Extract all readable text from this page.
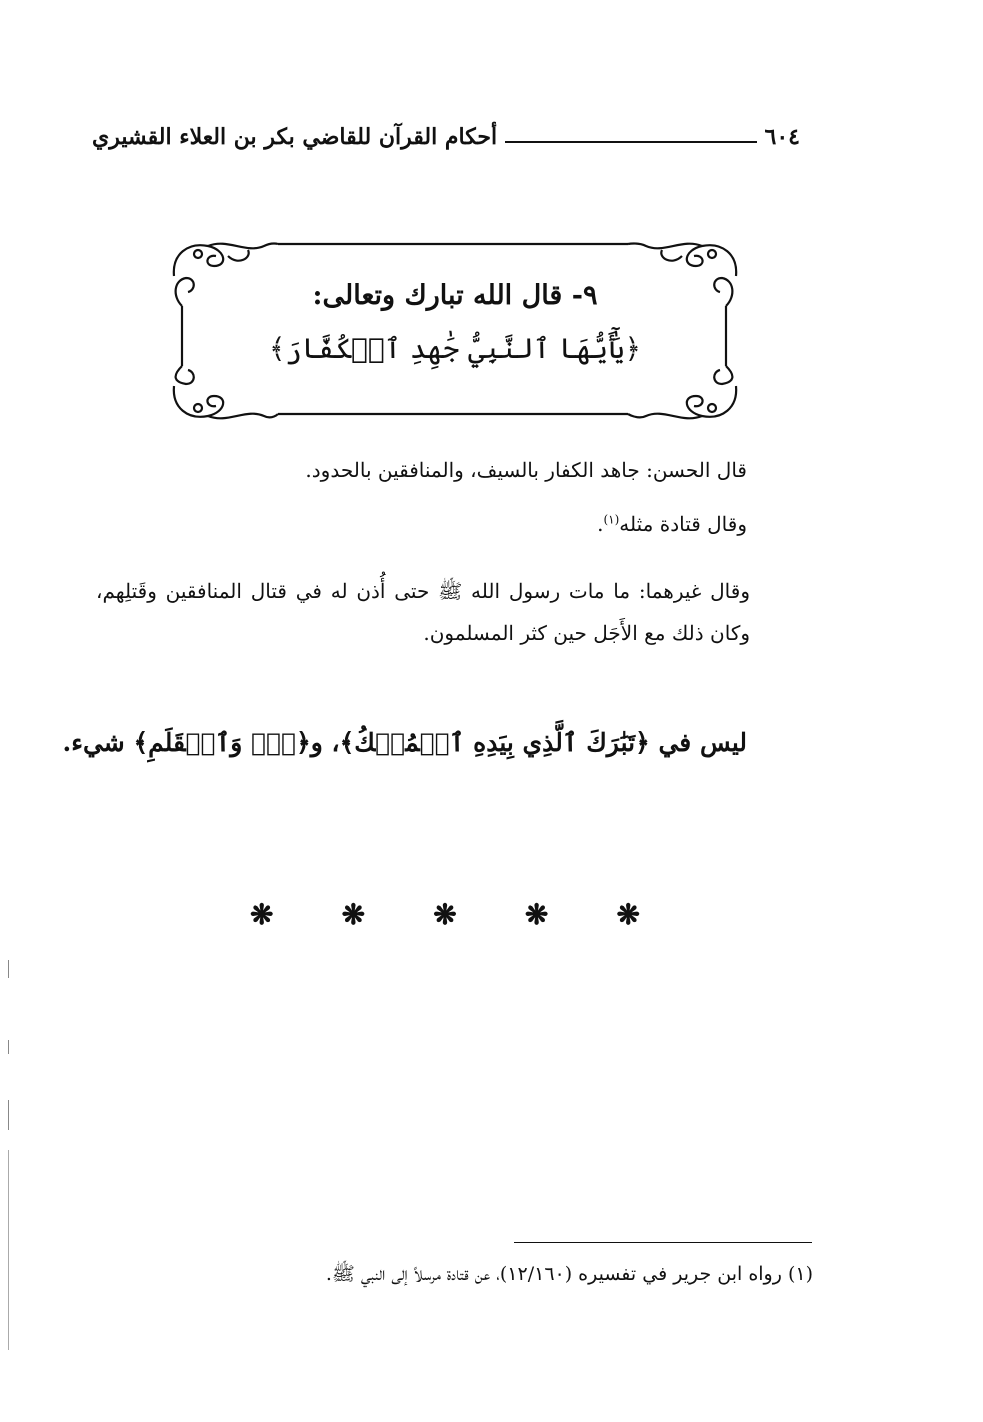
أحكام القرآن للقاضي بكر بن العلاء القشيري	٦٠٤
٩- قال الله تبارك وتعالى:
﴿يَٰٓأَيُّهَا ٱلنَّبِيُّ جَٰهِدِ ٱلۡكُفَّارَ﴾
قال الحسن: جاهد الكفار بالسيف، والمنافقين بالحدود.
وقال قتادة مثله$^{(١)}$.
وقال غيرهما: ما مات رسول الله ﷺ حتى أُذن له في قتال المنافقين وقَتلِهم، وكان ذلك مع الأَجَل حين كثر المسلمون.
ليس في ﴿تَبَٰرَكَ ٱلَّذِي بِيَدِهِ ٱلۡمُلۡكُ﴾، و﴿نٓۚ وَٱلۡقَلَمِ﴾ شيء.
❋ ❋ ❋ ❋ ❋
(١) رواه ابن جرير في تفسيره (١٢/١٦٠)، عن قتادة مرسلاً إلى النبي ﷺ.
